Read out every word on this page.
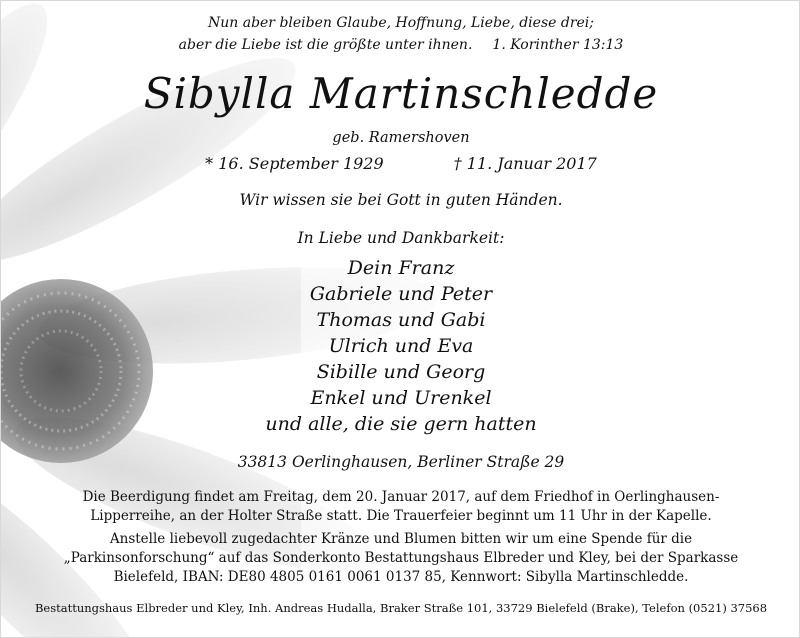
Nun aber bleiben Glaube, Hoffnung, Liebe, diese drei;
aber die Liebe ist die größte unter ihnen. 1. Korinther 13:13
Sibylla Martinschledde
geb. Ramershoven
* 16. September 1929	† 11. Januar 2017
Wir wissen sie bei Gott in guten Händen.
In Liebe und Dankbarkeit:
Dein Franz
Gabriele und Peter
Thomas und Gabi
Ulrich und Eva
Sibille und Georg
Enkel und Urenkel
und alle, die sie gern hatten
33813 Oerlinghausen, Berliner Straße 29
Die Beerdigung findet am Freitag, dem 20. Januar 2017, auf dem Friedhof in Oerlinghausen-
Lipperreihe, an der Holter Straße statt. Die Trauerfeier beginnt um 11 Uhr in der Kapelle.
Anstelle liebevoll zugedachter Kränze und Blumen bitten wir um eine Spende für die
„Parkinsonforschung“ auf das Sonderkonto Bestattungshaus Elbreder und Kley, bei der Sparkasse
Bielefeld, IBAN: DE80 4805 0161 0061 0137 85, Kennwort: Sibylla Martinschledde.
Bestattungshaus Elbreder und Kley, Inh. Andreas Hudalla, Braker Straße 101, 33729 Bielefeld (Brake), Telefon (0521) 37568
